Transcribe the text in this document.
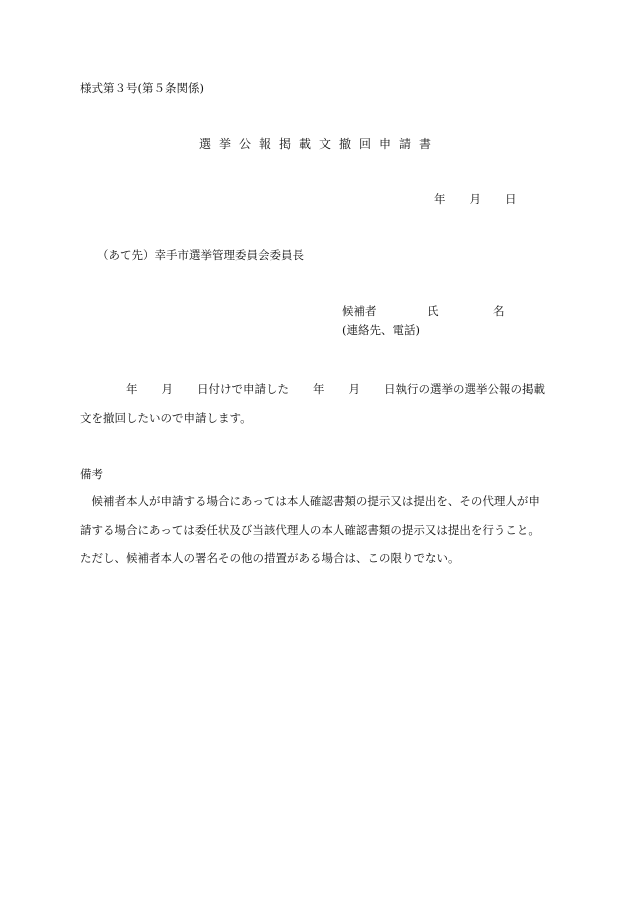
様式第３号(第５条関係)
選挙公報掲載文撤回申請書
年 月 日
（あて先）幸手市選挙管理委員会委員長
候補者	氏	名
(連絡先、電話)
年 月 日付けで申請した 年 月 日執行の選挙の選挙公報の掲載
文を撤回したいので申請します。
備考
　候補者本人が申請する場合にあっては本人確認書類の提示又は提出を、その代理人が申
請する場合にあっては委任状及び当該代理人の本人確認書類の提示又は提出を行うこと。
ただし、候補者本人の署名その他の措置がある場合は、この限りでない。
